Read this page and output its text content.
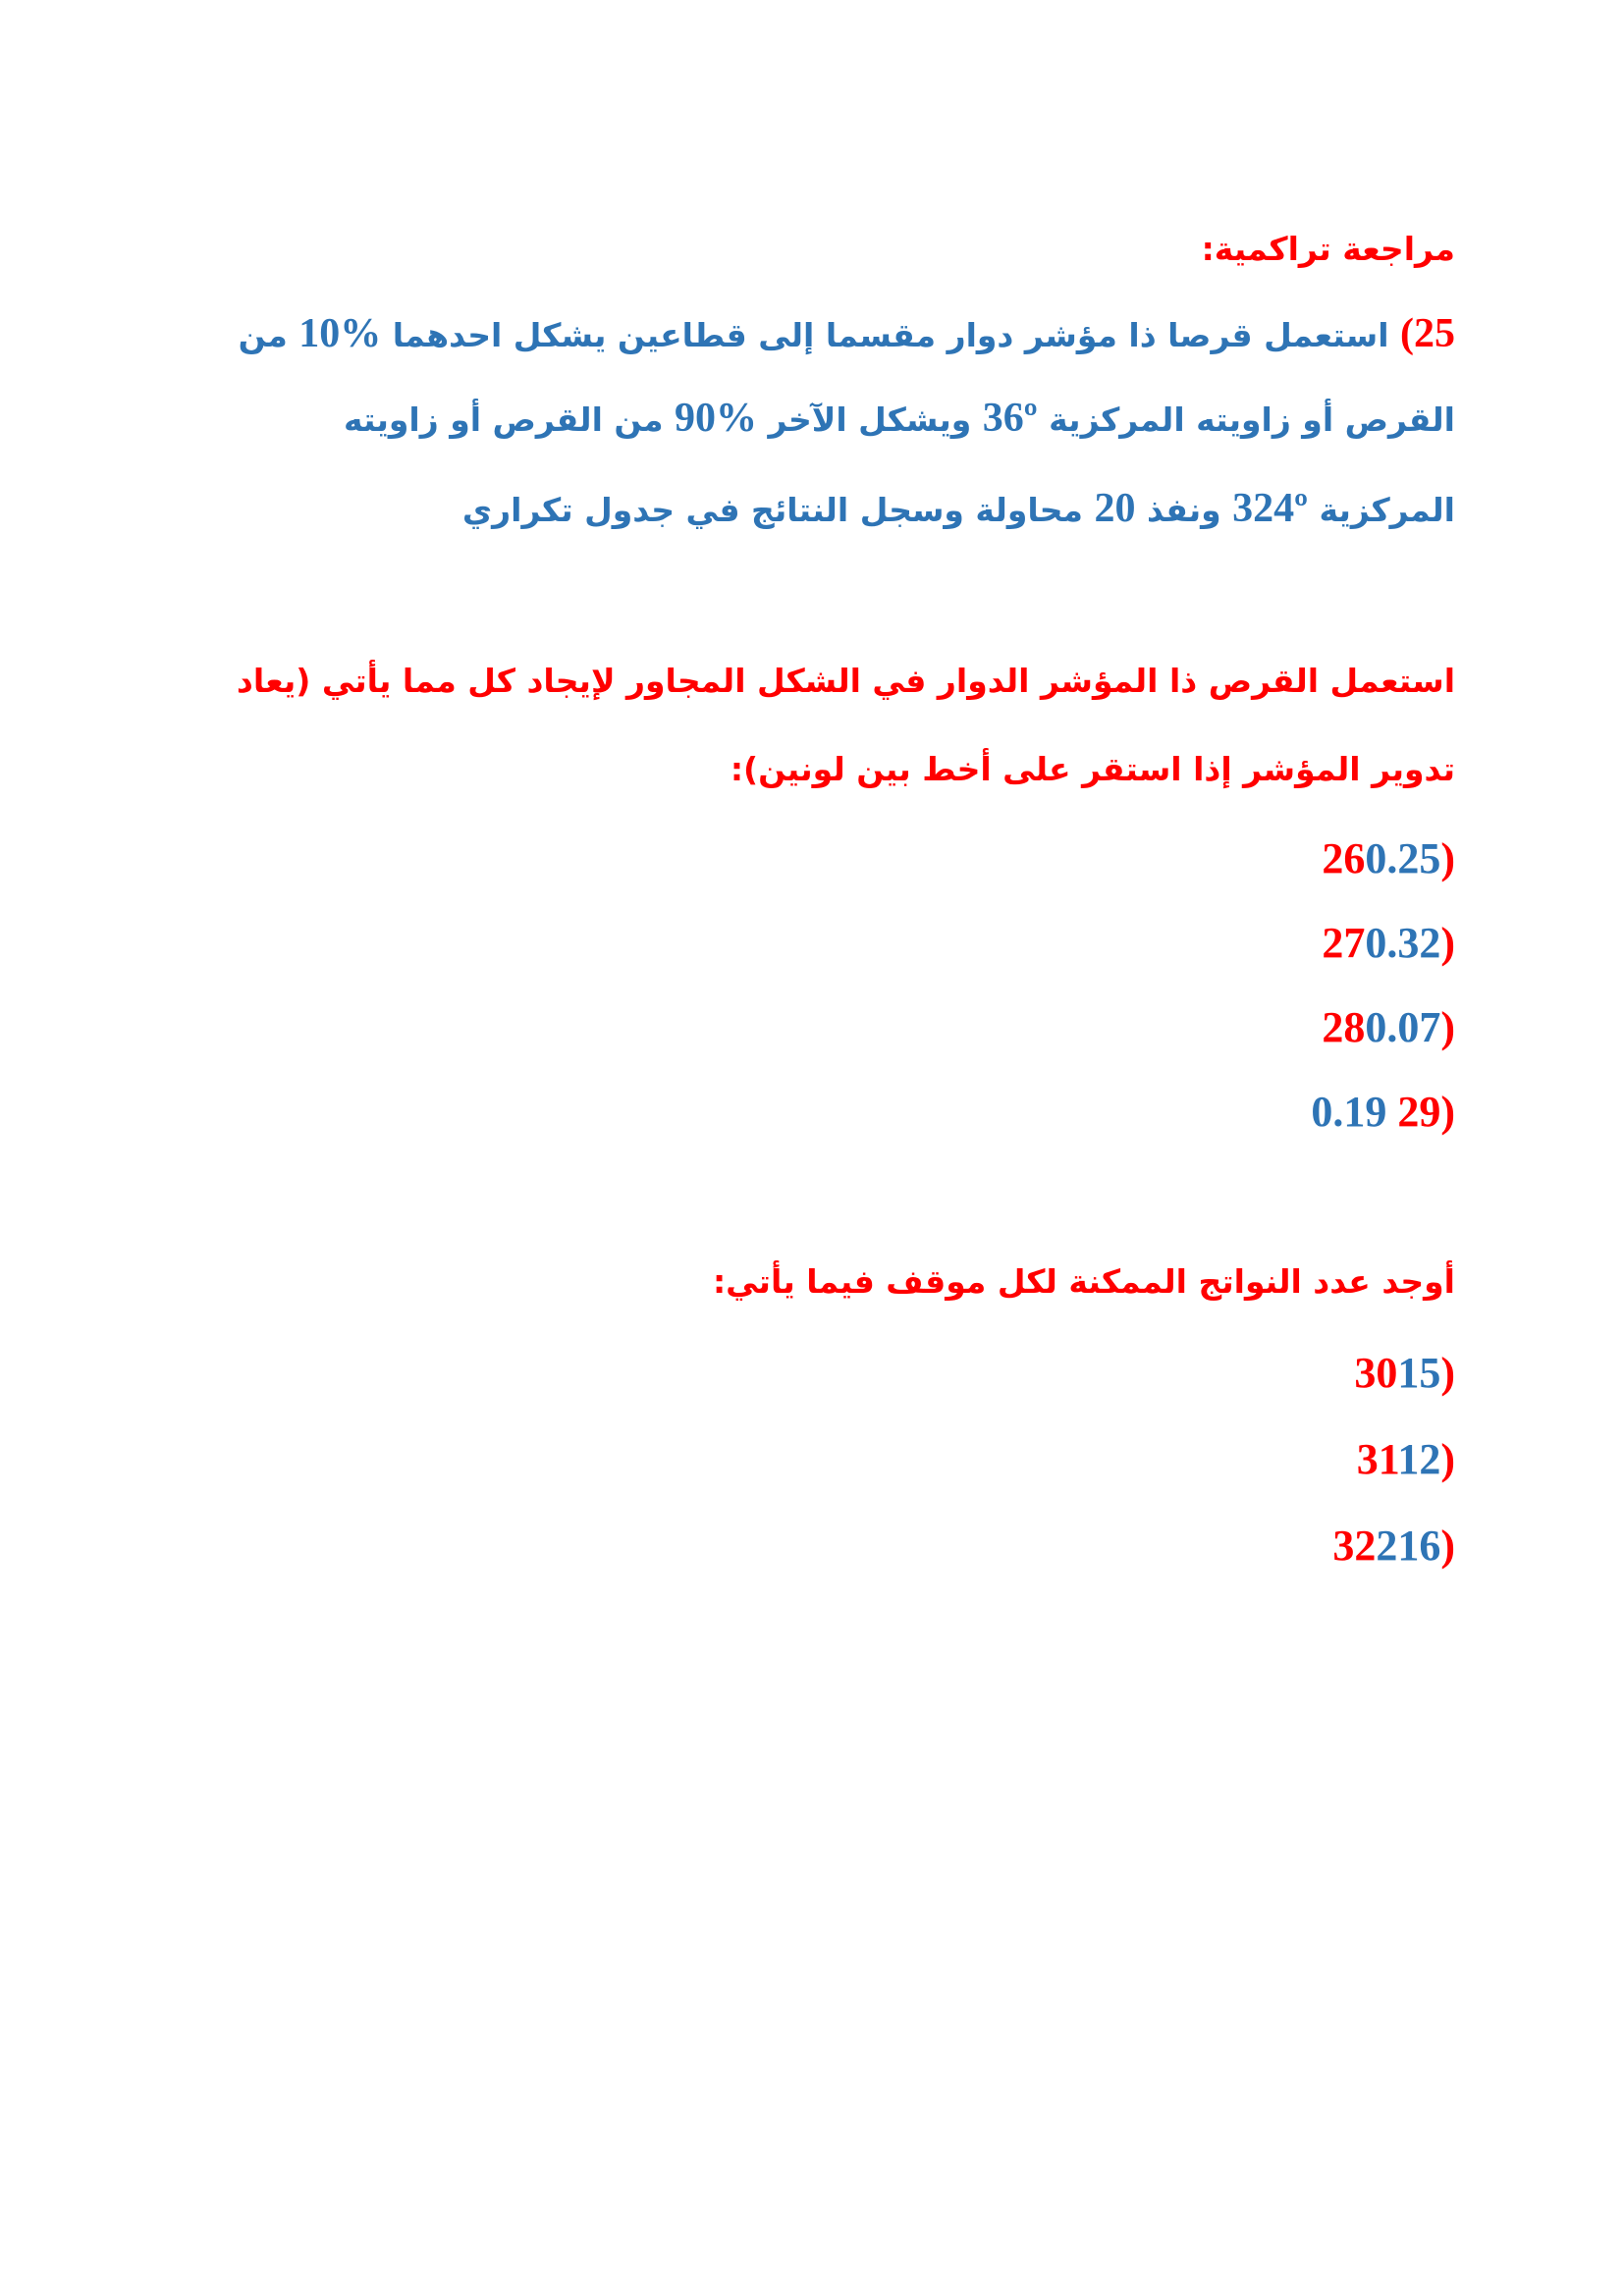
مراجعة تراكمية:
25) استعمل قرصا ذا مؤشر دوار مقسما إلى قطاعين يشكل احدهما 10% من
القرص أو زاويته المركزية 36º ويشكل الآخر 90% من القرص أو زاويته
المركزية 324º ونفذ 20 محاولة وسجل النتائج في جدول تكراري
استعمل القرص ذا المؤشر الدوار في الشكل المجاور لإيجاد كل مما يأتي (يعاد
تدوير المؤشر إذا استقر على أخط بين لونين):
(260.25
(270.32
(280.07
(29 0.19
أوجد عدد النواتج الممكنة لكل موقف فيما يأتي:
(3015
(3112
(32216
